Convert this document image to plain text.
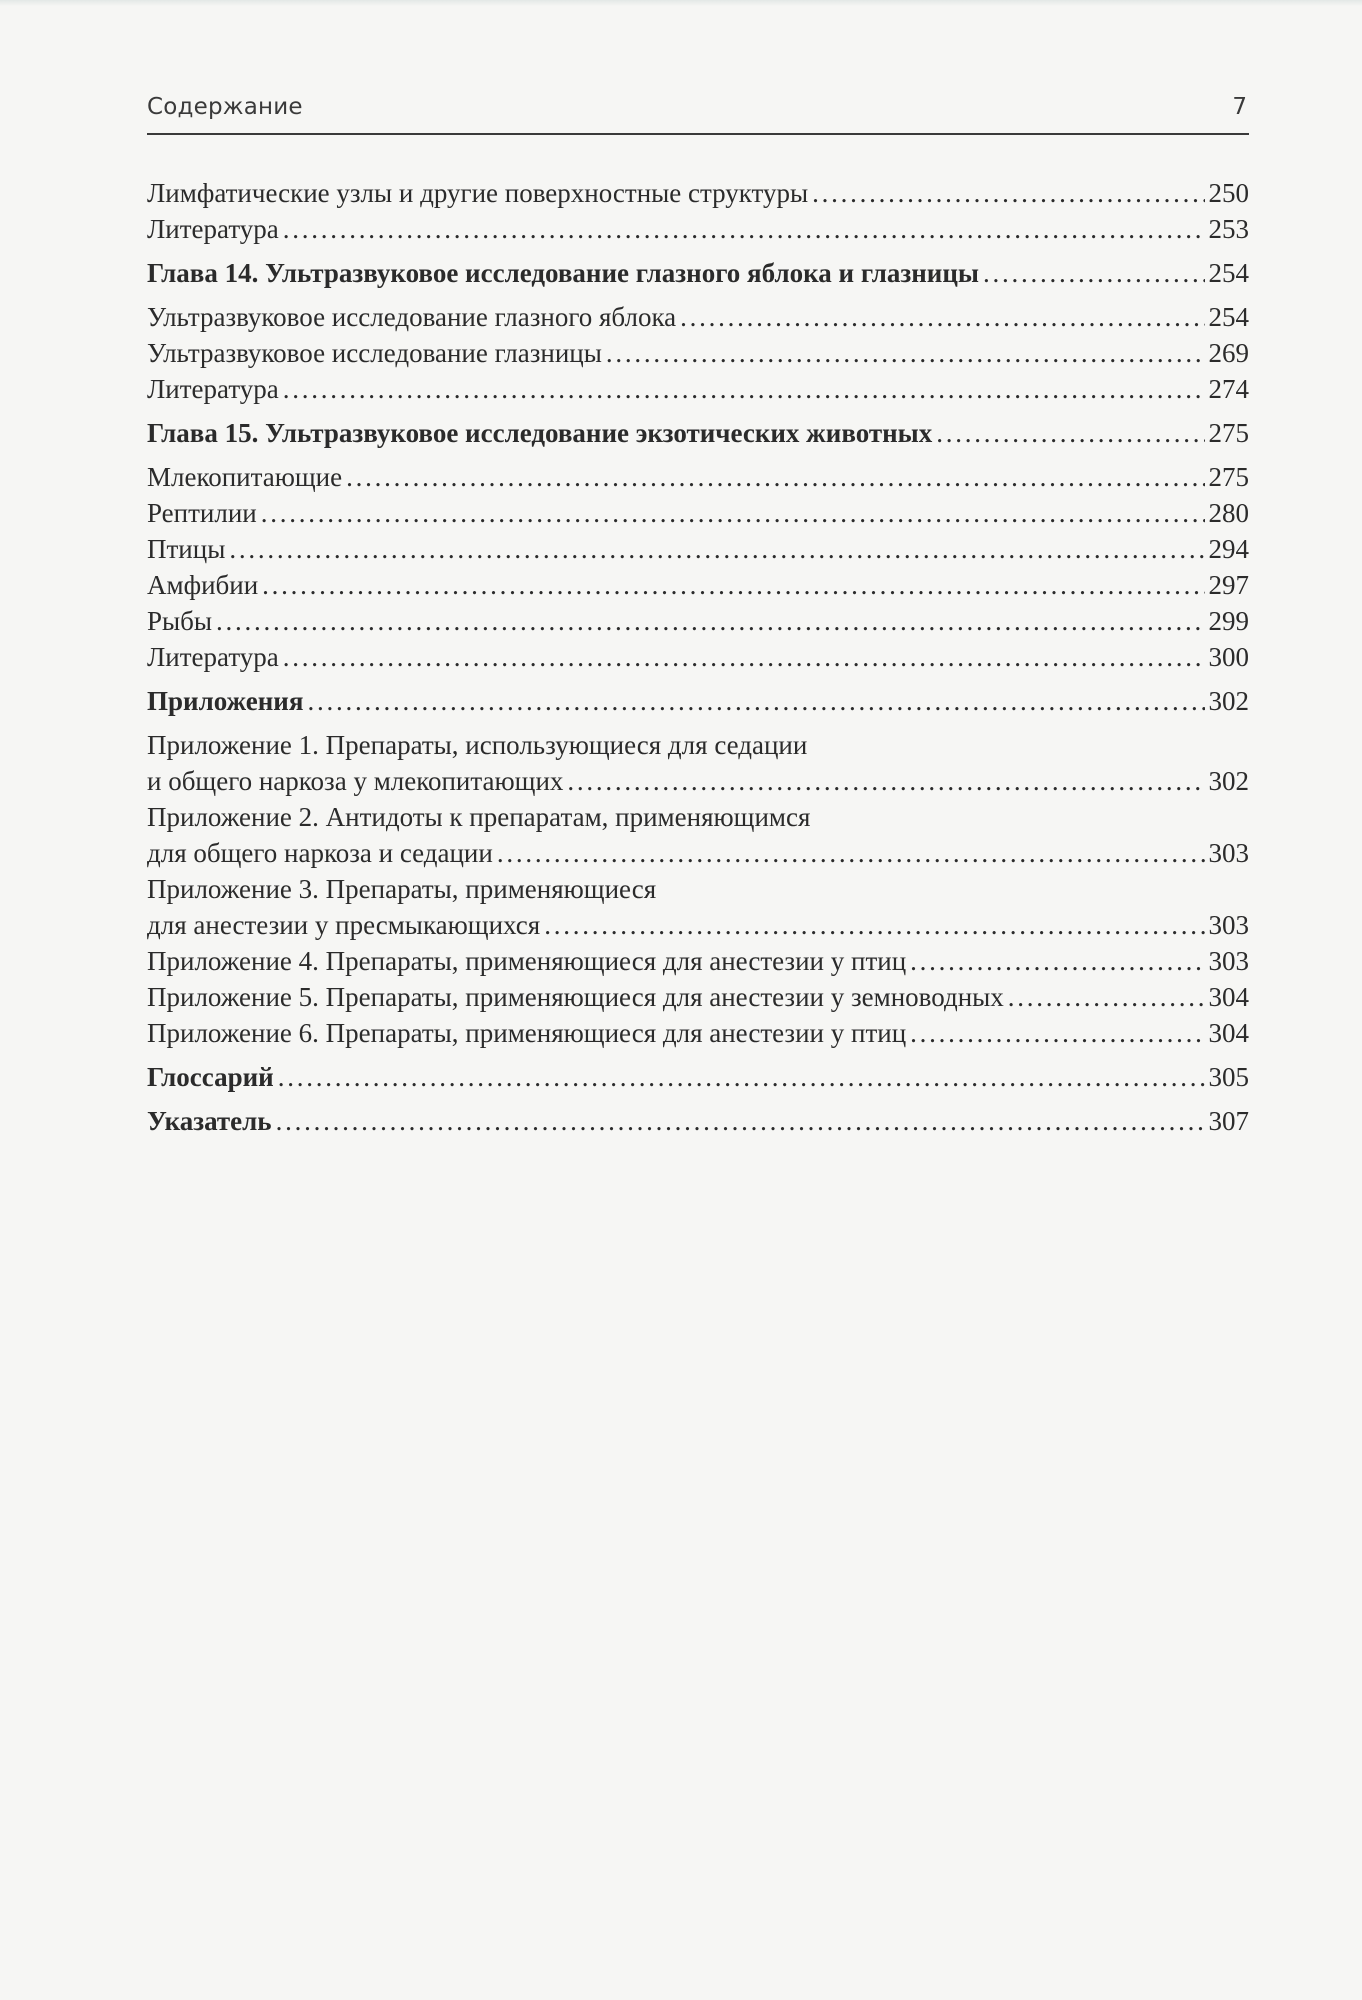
Содержание	7
Лимфатические узлы и другие поверхностные структуры . . .	250
Литература . . .	253
Глава 14. Ультразвуковое исследование глазного яблока и глазницы . . .	254
Ультразвуковое исследование глазного яблока . . .	254
Ультразвуковое исследование глазницы . . .	269
Литература . . .	274
Глава 15. Ультразвуковое исследование экзотических животных . . .	275
Млекопитающие . . .	275
Рептилии . . .	280
Птицы . . .	294
Амфибии . . .	297
Рыбы . . .	299
Литература . . .	300
Приложения . . .	302
Приложение 1. Препараты, использующиеся для седации
и общего наркоза у млекопитающих . . .	302
Приложение 2. Антидоты к препаратам, применяющимся
для общего наркоза и седации . . .	303
Приложение 3. Препараты, применяющиеся
для анестезии у пресмыкающихся . . .	303
Приложение 4. Препараты, применяющиеся для анестезии у птиц . . .	303
Приложение 5. Препараты, применяющиеся для анестезии у земноводных . . .	304
Приложение 6. Препараты, применяющиеся для анестезии у птиц . . .	304
Глоссарий . . .	305
Указатель . . .	307
